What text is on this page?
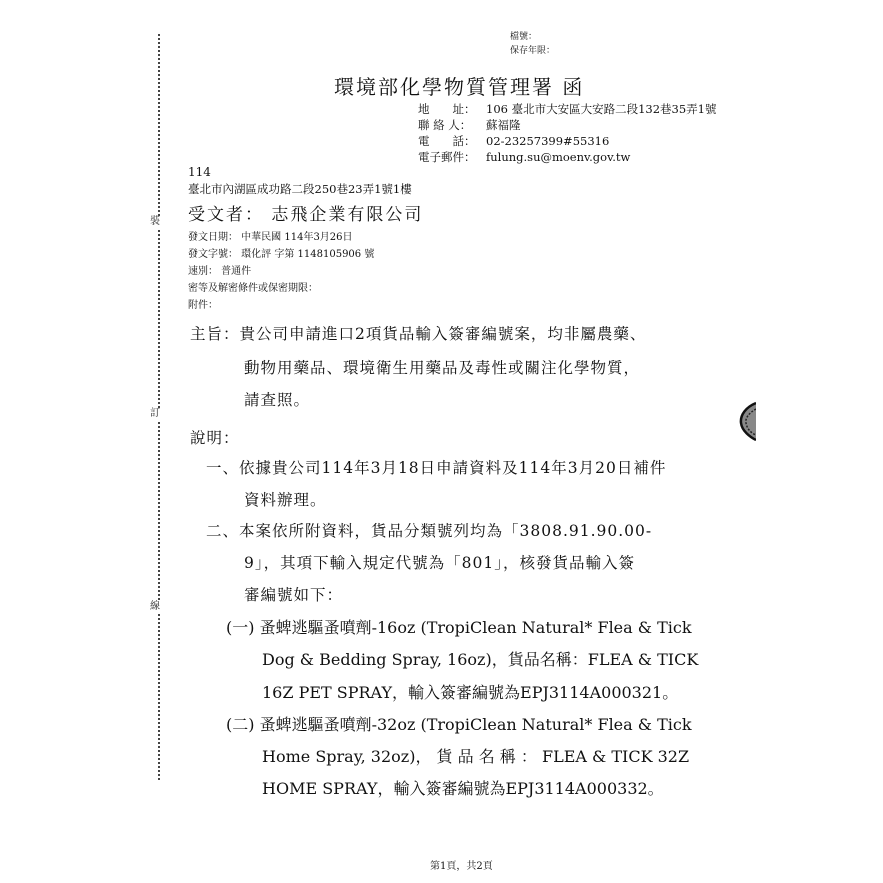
裝
訂
線
檔號：
保存年限：
環境部化學物質管理署 函
地　　址： 106 臺北市大安區大安路二段132巷35弄1號
聯 絡 人： 蘇福隆
電　　話： 02-23257399#55316
電子郵件： fulung.su@moenv.gov.tw
114
臺北市內湖區成功路二段250巷23弄1號1樓
受文者： 志飛企業有限公司
發文日期： 中華民國 114年3月26日
發文字號： 環化評 字第 1148105906 號
速別： 普通件
密等及解密條件或保密期限：
附件：
主旨：貴公司申請進口2項貨品輸入簽審編號案，均非屬農藥、
動物用藥品、環境衛生用藥品及毒性或關注化學物質，
請查照。
說明：
一、依據貴公司114年3月18日申請資料及114年3月20日補件
資料辦理。
二、本案依所附資料，貨品分類號列均為「3808.91.90.00-
9」，其項下輸入規定代號為「801」，核發貨品輸入簽
審編號如下：
(一) 蚤蜱逃驅蚤噴劑-16oz (TropiClean Natural* Flea & Tick
Dog & Bedding Spray, 16oz)，貨品名稱：FLEA & TICK
16Z PET SPRAY，輸入簽審編號為EPJ3114A000321。
(二) 蚤蜱逃驅蚤噴劑-32oz (TropiClean Natural* Flea & Tick
Home Spray, 32oz)， 貨 品 名 稱 ： FLEA & TICK 32Z
HOME SPRAY，輸入簽審編號為EPJ3114A000332。
第1頁，共2頁
